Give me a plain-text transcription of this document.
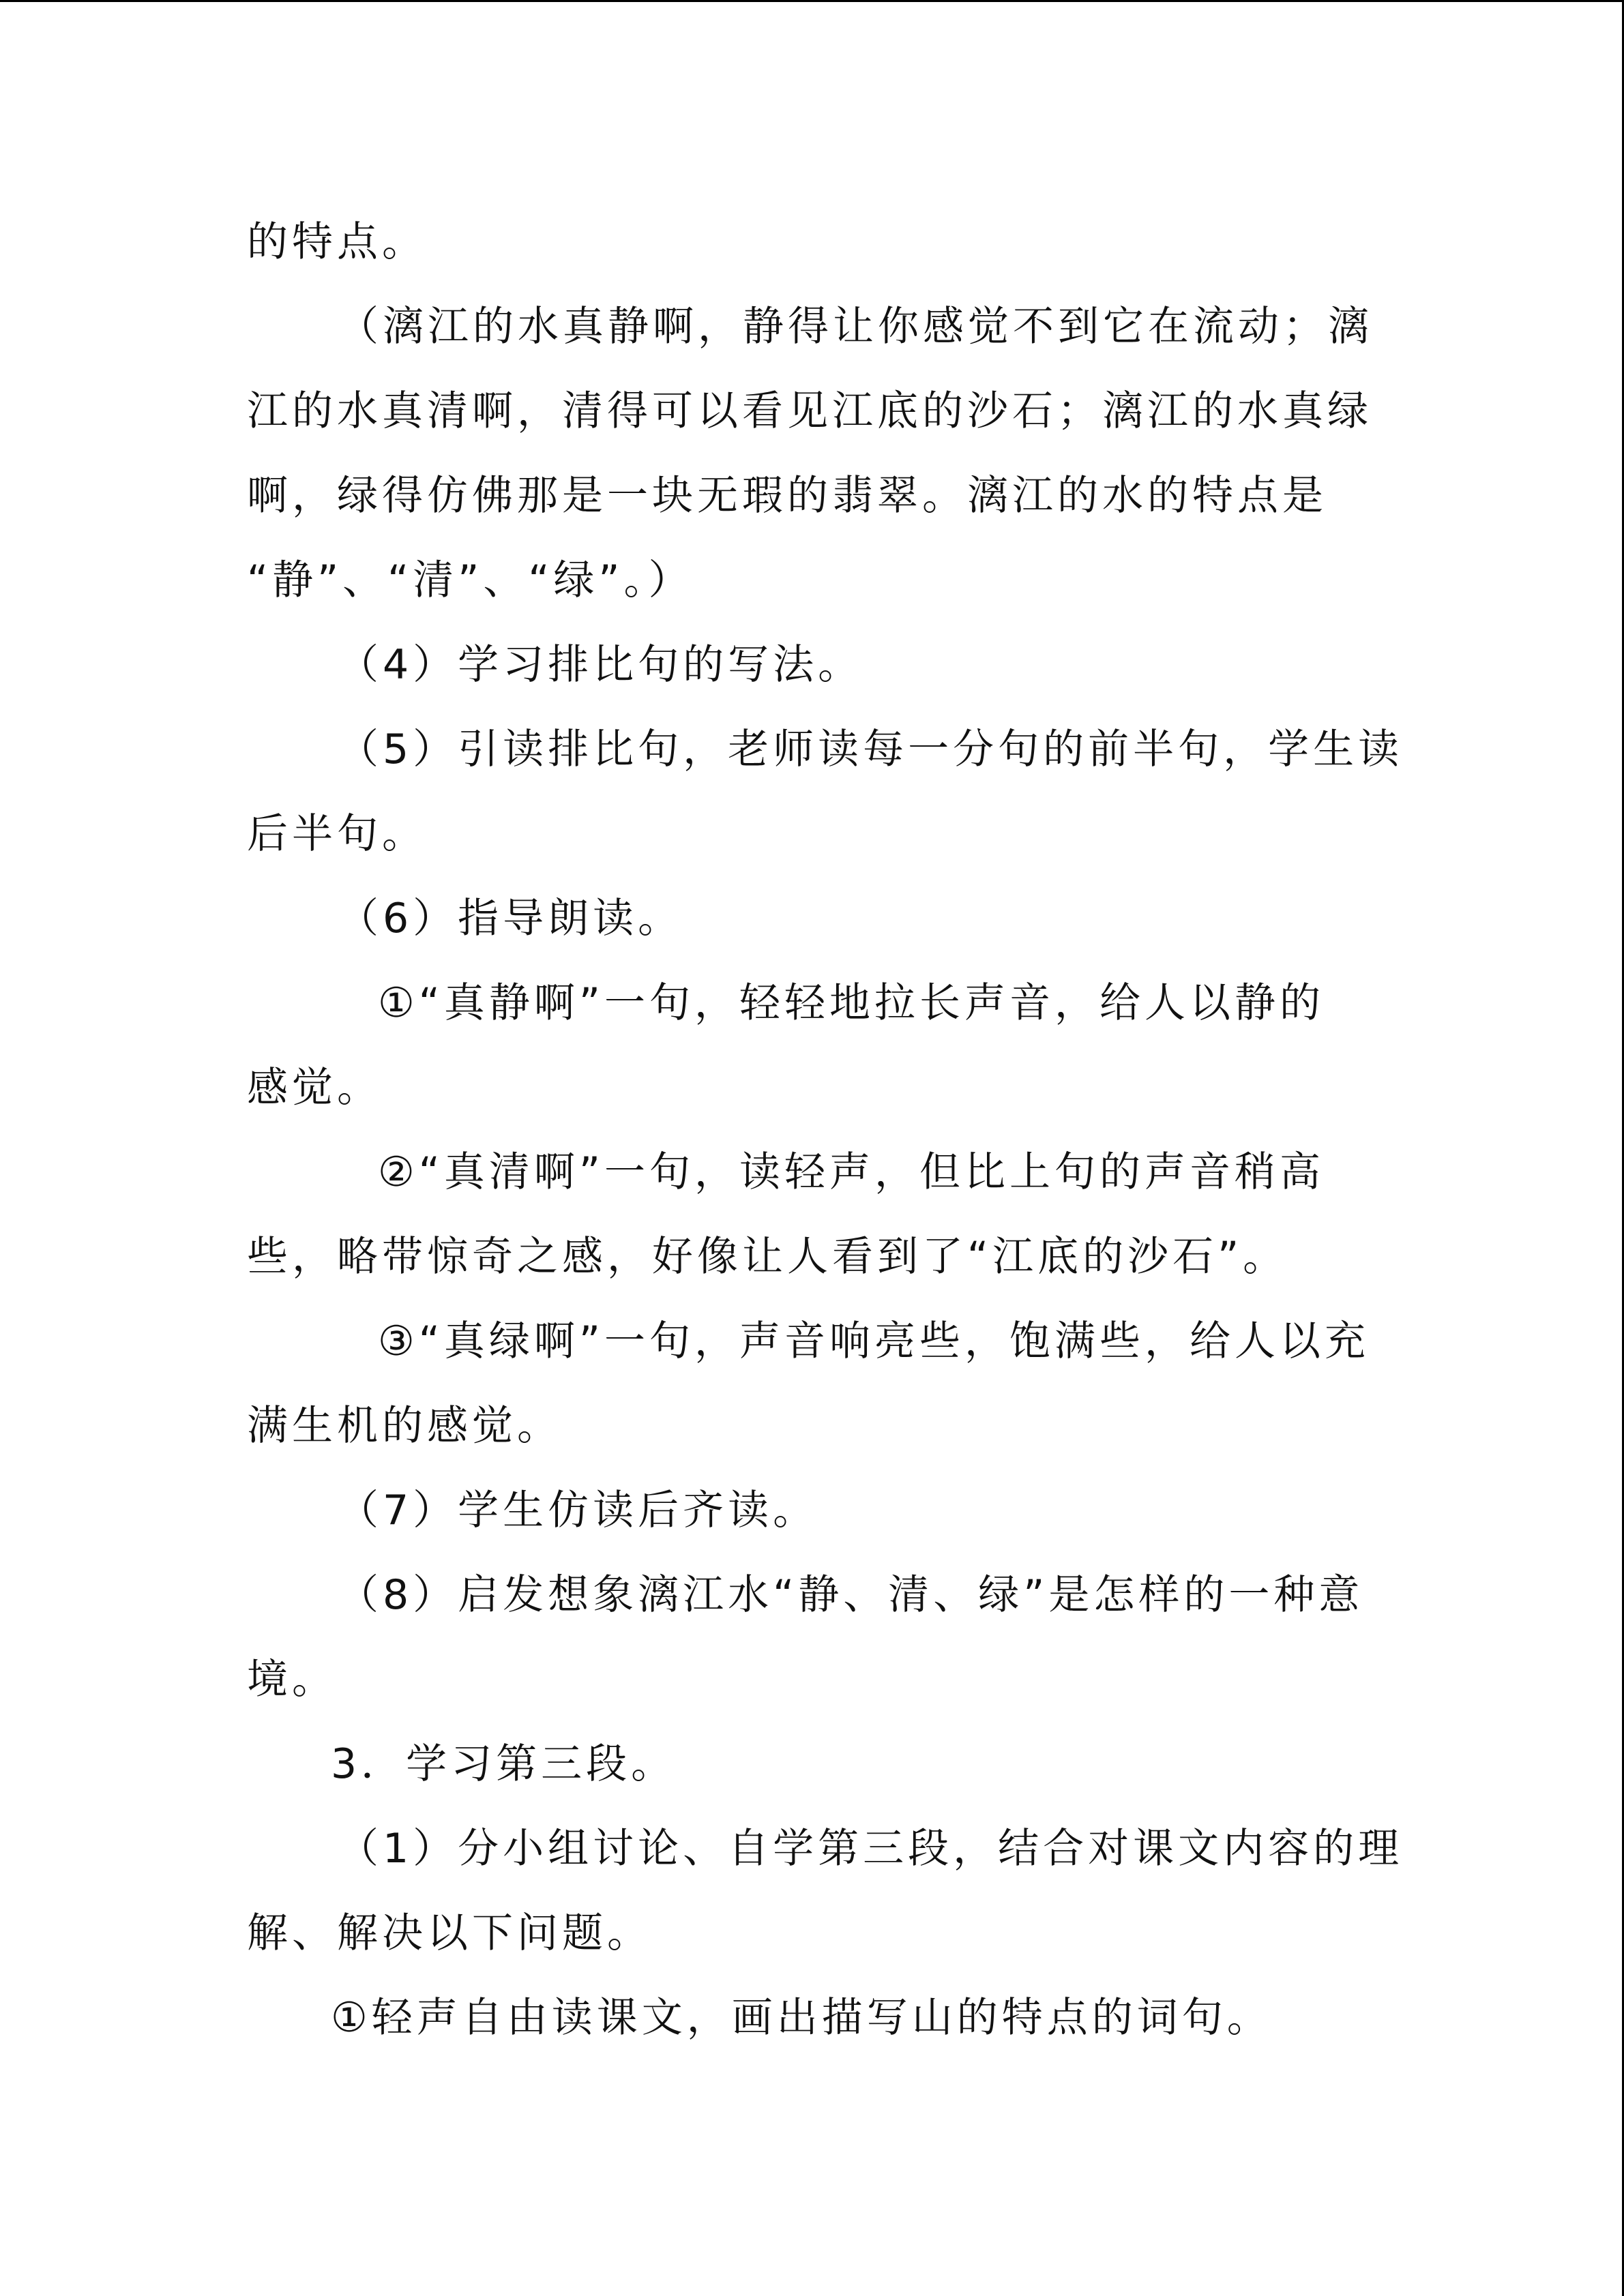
的特点。
（漓江的水真静啊，静得让你感觉不到它在流动；漓
江的水真清啊，清得可以看见江底的沙石；漓江的水真绿
啊，绿得仿佛那是一块无瑕的翡翠。漓江的水的特点是
“静”、“清”、“绿”。）
（4）学习排比句的写法。
（5）引读排比句，老师读每一分句的前半句，学生读
后半句。
（6）指导朗读。
①“真静啊”一句，轻轻地拉长声音，给人以静的
感觉。
②“真清啊”一句，读轻声，但比上句的声音稍高
些，略带惊奇之感，好像让人看到了“江底的沙石”。
③“真绿啊”一句，声音响亮些，饱满些，给人以充
满生机的感觉。
（7）学生仿读后齐读。
（8）启发想象漓江水“静、清、绿”是怎样的一种意
境。
3．学习第三段。
（1）分小组讨论、自学第三段，结合对课文内容的理
解、解决以下问题。
①轻声自由读课文，画出描写山的特点的词句。
